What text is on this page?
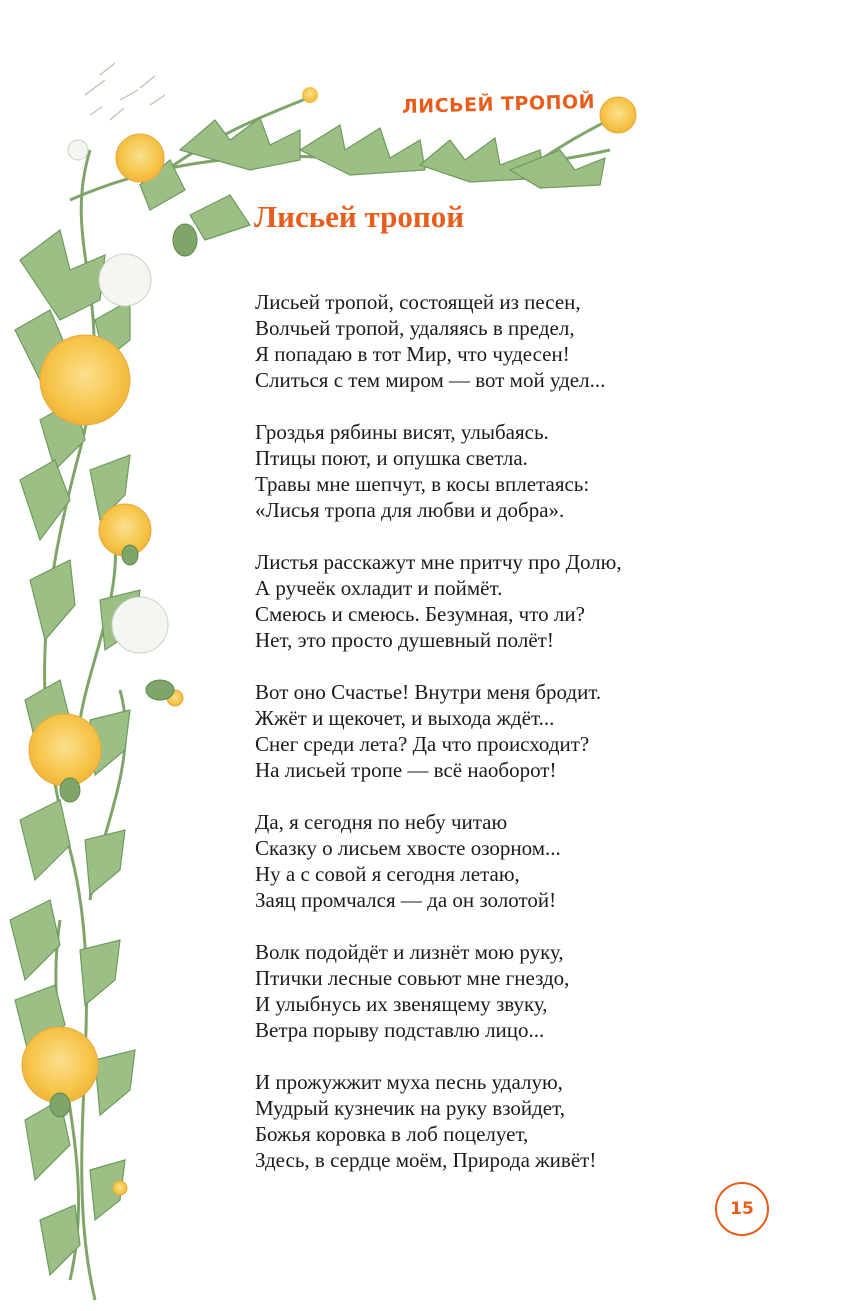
ЛИСЬЕЙ ТРОПОЙ
Лисьей тропой

Лисьей тропой, состоящей из песен,
Волчьей тропой, удаляясь в предел,
Я попадаю в тот Мир, что чудесен!
Слиться с тем миром — вот мой удел...

Гроздья рябины висят, улыбаясь.
Птицы поют, и опушка светла.
Травы мне шепчут, в косы вплетаясь:
«Лисья тропа для любви и добра».

Листья расскажут мне притчу про Долю,
А ручеёк охладит и поймёт.
Смеюсь и смеюсь. Безумная, что ли?
Нет, это просто душевный полёт!

Вот оно Счастье! Внутри меня бродит.
Жжёт и щекочет, и выхода ждёт...
Снег среди лета? Да что происходит?
На лисьей тропе — всё наоборот!

Да, я сегодня по небу читаю
Сказку о лисьем хвосте озорном...
Ну а с совой я сегодня летаю,
Заяц промчался — да он золотой!

Волк подойдёт и лизнёт мою руку,
Птички лесные совьют мне гнездо,
И улыбнусь их звенящему звуку,
Ветра порыву подставлю лицо...

И прожужжит муха песнь удалую,
Мудрый кузнечик на руку взойдет,
Божья коровка в лоб поцелует,
Здесь, в сердце моём, Природа живёт!

15
